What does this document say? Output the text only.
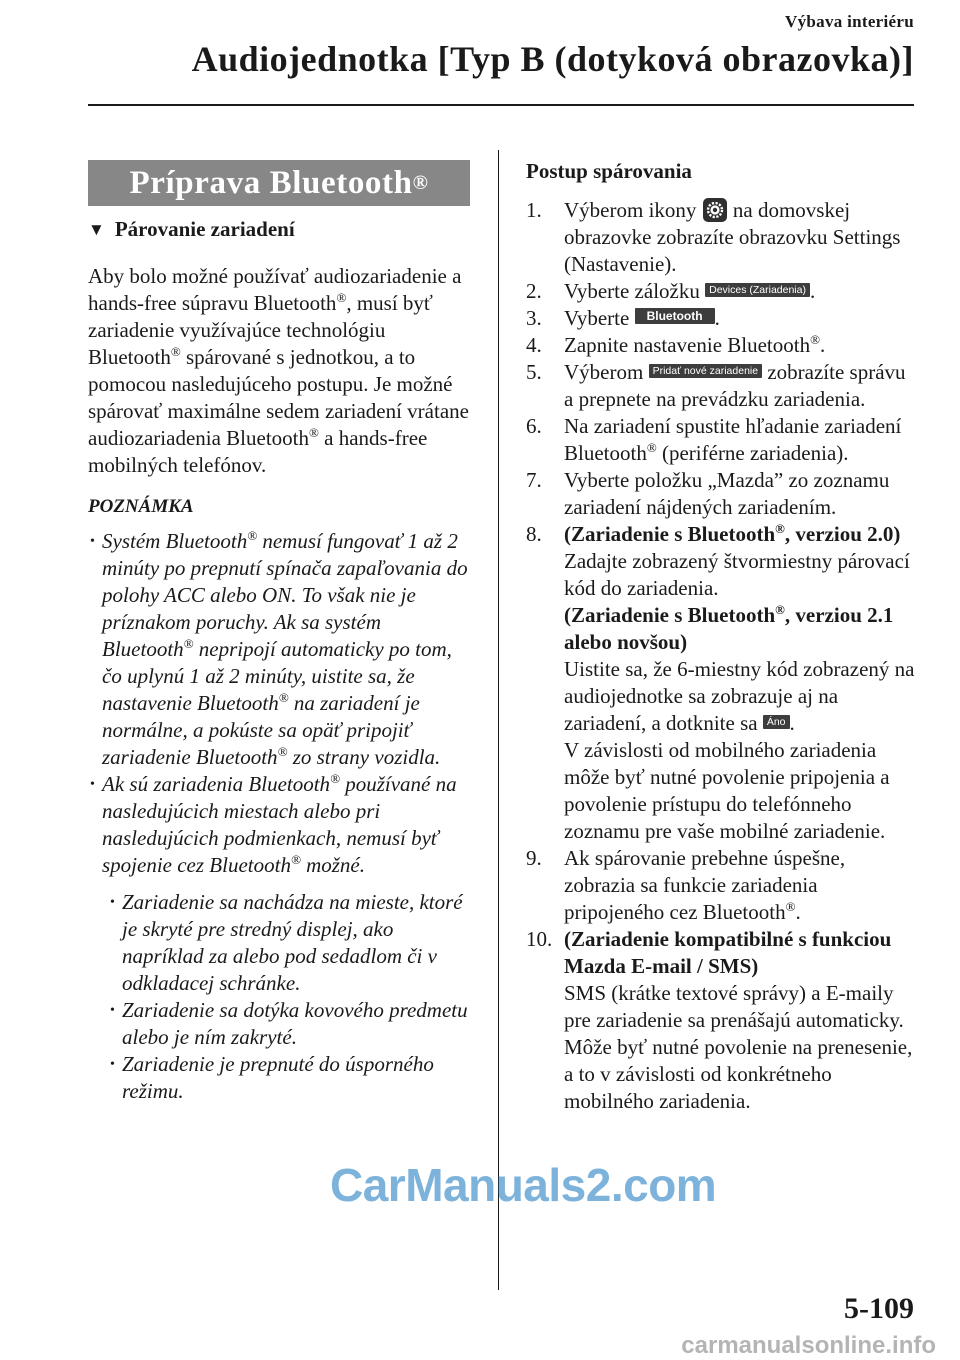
Výbava interiéru
Audiojednotka [Typ B (dotyková obrazovka)]
Príprava Bluetooth ®
▼ Párovanie zariadení

Aby bolo možné používať audiozariadenie a hands-free súpravu Bluetooth®, musí byť zariadenie využívajúce technológiu Bluetooth® spárované s jednotkou, a to pomocou nasledujúceho postupu. Je možné spárovať maximálne sedem zariadení vrátane audiozariadenia Bluetooth® a hands-free mobilných telefónov.

POZNÁMKA

• Systém Bluetooth® nemusí fungovať 1 až 2 minúty po prepnutí spínača zapaľovania do polohy ACC alebo ON. To však nie je príznakom poruchy. Ak sa systém Bluetooth® nepripojí automaticky po tom, čo uplynú 1 až 2 minúty, uistite sa, že nastavenie Bluetooth® na zariadení je normálne, a pokúste sa opäť pripojiť zariadenie Bluetooth® zo strany vozidla.

• Ak sú zariadenia Bluetooth® používané na nasledujúcich miestach alebo pri nasledujúcich podmienkach, nemusí byť spojenie cez Bluetooth® možné.

• Zariadenie sa nachádza na mieste, ktoré je skryté pre stredný displej, ako napríklad za alebo pod sedadlom či v odkladacej schránke.

• Zariadenie sa dotýka kovového predmetu alebo je ním zakryté.

• Zariadenie je prepnuté do úsporného režimu.

Postup spárovania
1. Výberom ikony  na domovskej obrazovke zobrazíte obrazovku Settings (Nastavenie).
2. Vyberte záložku Devices (Zariadenia) .
3. Vyberte Bluetooth .
4. Zapnite nastavenie Bluetooth®.
5. Výberom Pridať nové zariadenie zobrazíte správu a prepnete na prevádzku zariadenia.
6. Na zariadení spustite hľadanie zariadení Bluetooth® (periférne zariadenia).
7. Vyberte položku „Mazda” zo zoznamu zariadení nájdených zariadením.
8. (Zariadenie s Bluetooth®, verziou 2.0)
Zadajte zobrazený štvormiestny párovací kód do zariadenia.
(Zariadenie s Bluetooth®, verziou 2.1 alebo novšou)
Uistite sa, že 6-miestny kód zobrazený na audiojednotke sa zobrazuje aj na zariadení, a dotknite sa Áno .
V závislosti od mobilného zariadenia môže byť nutné povolenie pripojenia a povolenie prístupu do telefónneho zoznamu pre vaše mobilné zariadenie.
9. Ak spárovanie prebehne úspešne, zobrazia sa funkcie zariadenia pripojeného cez Bluetooth®.
10. (Zariadenie kompatibilné s funkciou Mazda E-mail / SMS)
SMS (krátke textové správy) a E-maily pre zariadenie sa prenášajú automaticky. Môže byť nutné povolenie na prenesenie, a to v závislosti od konkrétneho mobilného zariadenia.
CarManuals2.com
5-109
carmanualsonline.info
